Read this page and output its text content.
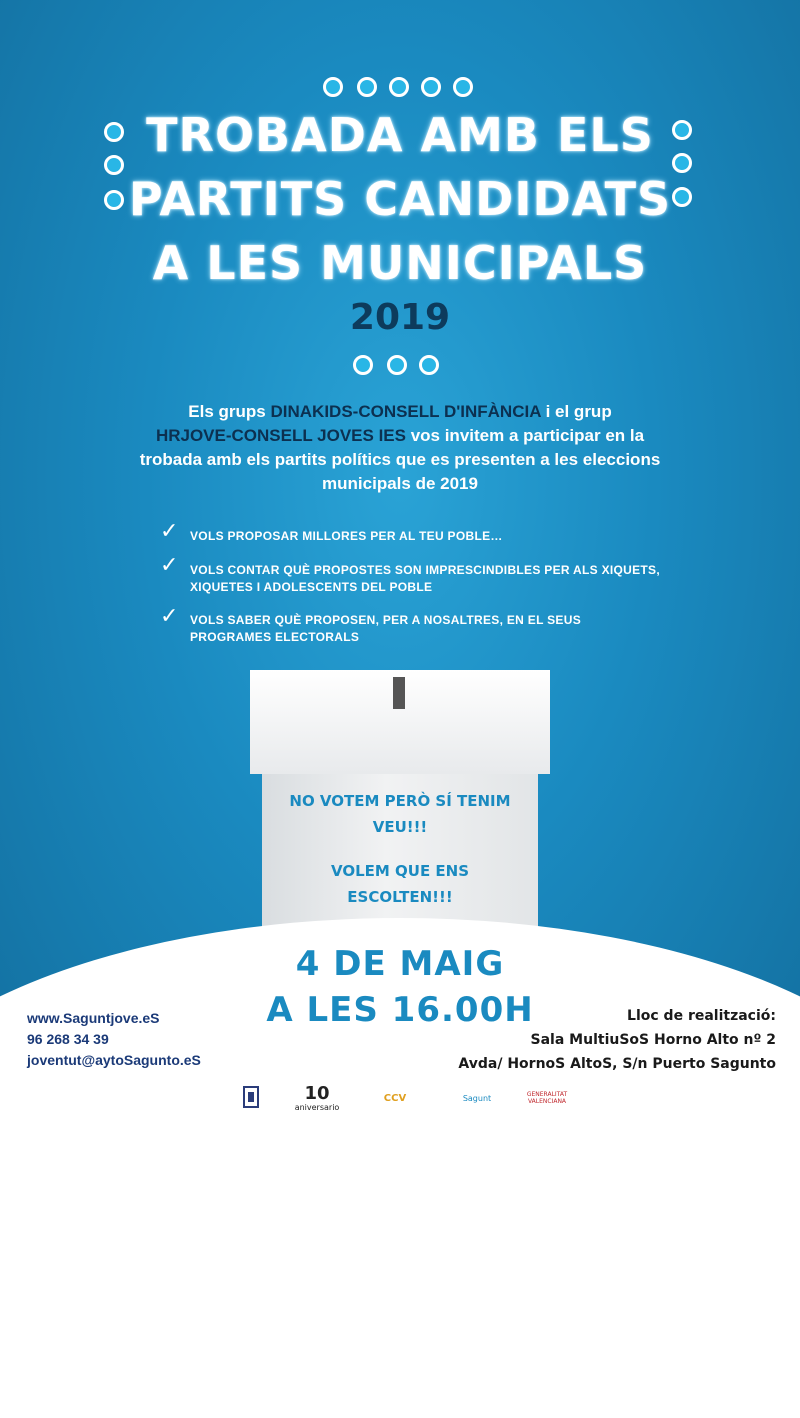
TROBADA AMB ELS
PARTITS CANDIDATS
A LES MUNICIPALS
2019
Els grups DINAKIDS-CONSELL D'INFÀNCIA i el grup
HRJOVE-CONSELL JOVES IES vos invitem a participar en la trobada amb els partits polítics que es presenten a les eleccions municipals de 2019
✓ VOLS PROPOSAR MILLORES PER AL TEU POBLE…
✓ VOLS CONTAR QUÈ PROPOSTES SON IMPRESCINDIBLES PER ALS XIQUETS, XIQUETES I ADOLESCENTS DEL POBLE
✓ VOLS SABER QUÈ PROPOSEN, PER A NOSALTRES, EN EL SEUS PROGRAMES ELECTORALS
NO VOTEM PERÒ SÍ TENIM
VEU!!!
VOLEM QUE ENS
ESCOLTEN!!!
4 DE MAIG
A LES 16.00H
www.Saguntjove.eS
96 268 34 39
joventut@aytoSagunto.eS
Lloc de realització:
Sala MultiuSoS Horno Alto nº 2
Avda/ HornoS AltoS, S/n Puerto Sagunto
10
aniversario
CCV	Sagunt	GENERALITAT VALENCIANA
